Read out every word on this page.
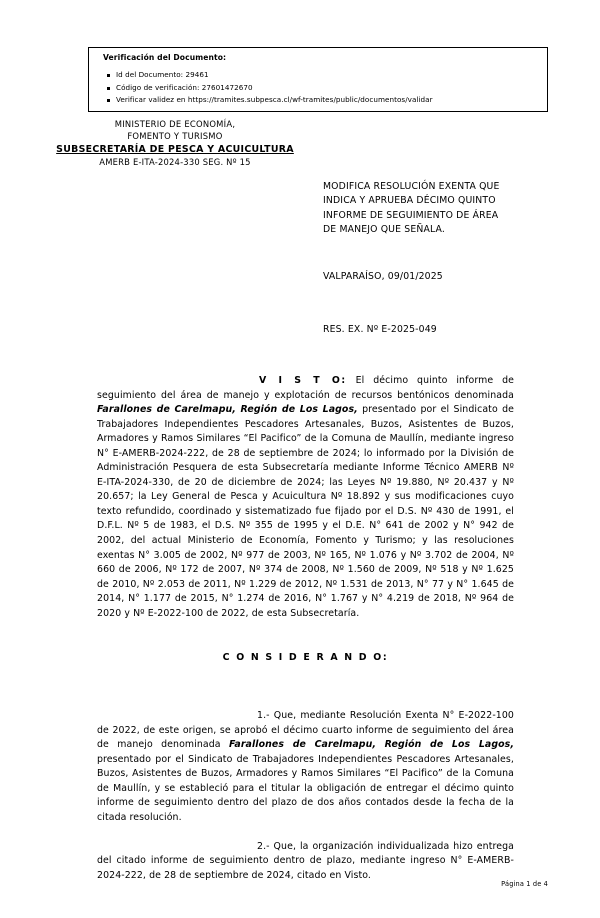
Verificación del Documento:
Id del Documento: 29461
Código de verificación: 27601472670
Verificar validez en https://tramites.subpesca.cl/wf-tramites/public/documentos/validar
MINISTERIO DE ECONOMÍA,
FOMENTO Y TURISMO
SUBSECRETARÍA DE PESCA Y ACUICULTURA
AMERB E-ITA-2024-330 SEG. Nº 15
MODIFICA RESOLUCIÓN EXENTA QUE
INDICA Y APRUEBA DÉCIMO QUINTO
INFORME DE SEGUIMIENTO DE ÁREA
DE MANEJO QUE SEÑALA.
VALPARAÍSO, 09/01/2025
RES. EX. Nº E-2025-049

V I S T O: El décimo quinto informe de seguimiento del área de manejo y explotación de recursos bentónicos denominada Farallones de Carelmapu, Región de Los Lagos, presentado por el Sindicato de Trabajadores Independientes Pescadores Artesanales, Buzos, Asistentes de Buzos, Armadores y Ramos Similares “El Pacifico” de la Comuna de Maullín, mediante ingreso N° E-AMERB-2024-222, de 28 de septiembre de 2024; lo informado por la División de Administración Pesquera de esta Subsecretaría mediante Informe Técnico AMERB Nº E-ITA-2024-330, de 20 de diciembre de 2024; las Leyes Nº 19.880, Nº 20.437 y Nº 20.657; la Ley General de Pesca y Acuicultura Nº 18.892 y sus modificaciones cuyo texto refundido, coordinado y sistematizado fue fijado por el D.S. Nº 430 de 1991, el D.F.L. Nº 5 de 1983, el D.S. Nº 355 de 1995 y el D.E. N° 641 de 2002 y N° 942 de 2002, del actual Ministerio de Economía, Fomento y Turismo; y las resoluciones exentas N° 3.005 de 2002, Nº 977 de 2003, Nº 165, Nº 1.076 y Nº 3.702 de 2004, Nº 660 de 2006, Nº 172 de 2007, Nº 374 de 2008, Nº 1.560 de 2009, Nº 518 y Nº 1.625 de 2010, Nº 2.053 de 2011, Nº 1.229 de 2012, Nº 1.531 de 2013, N° 77 y N° 1.645 de 2014, N° 1.177 de 2015, N° 1.274 de 2016, N° 1.767 y N° 4.219 de 2018, Nº 964 de 2020 y Nº E-2022-100 de 2022, de esta Subsecretaría.

C O N S I D E R A N D O:

1.- Que, mediante Resolución Exenta N° E-2022-100 de 2022, de este origen, se aprobó el décimo cuarto informe de seguimiento del área de manejo denominada Farallones de Carelmapu, Región de Los Lagos, presentado por el Sindicato de Trabajadores Independientes Pescadores Artesanales, Buzos, Asistentes de Buzos, Armadores y Ramos Similares “El Pacifico” de la Comuna de Maullín, y se estableció para el titular la obligación de entregar el décimo quinto informe de seguimiento dentro del plazo de dos años contados desde la fecha de la citada resolución.

2.- Que, la organización individualizada hizo entrega del citado informe de seguimiento dentro de plazo, mediante ingreso N° E-AMERB-2024-222, de 28 de septiembre de 2024, citado en Visto.

Página 1 de 4
